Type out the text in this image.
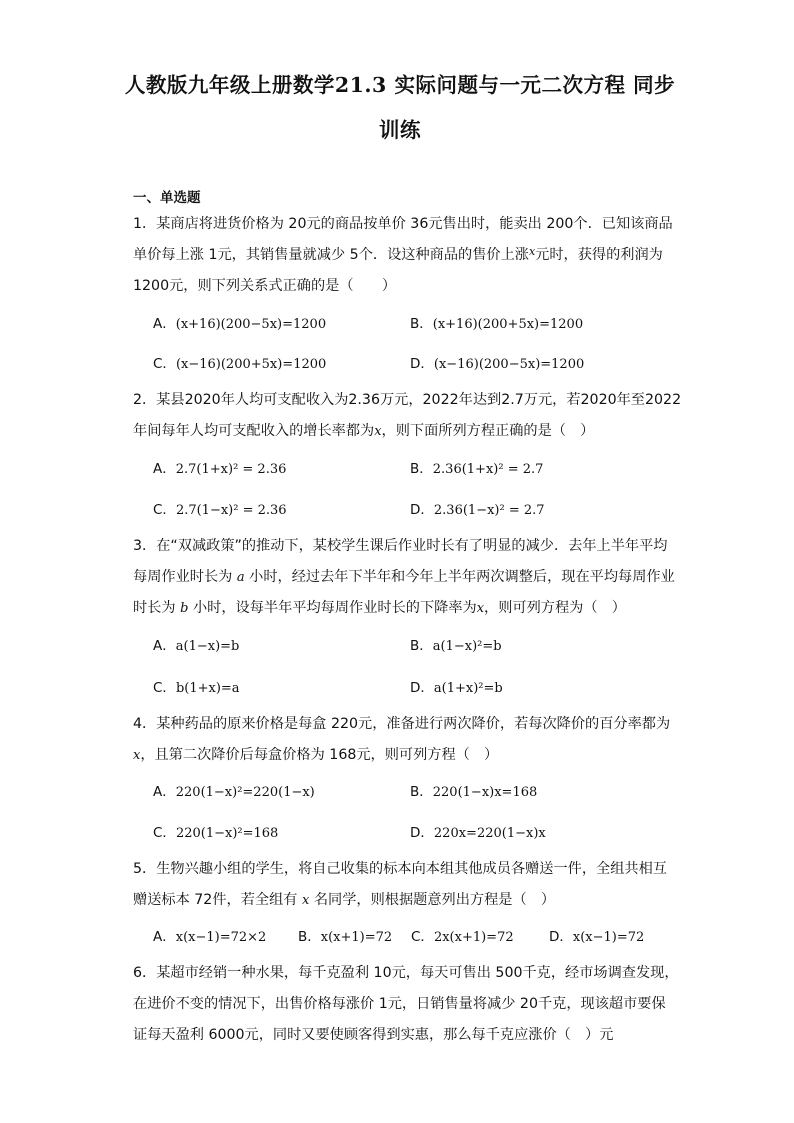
人教版九年级上册数学21.3 实际问题与一元二次方程 同步
训练
一、单选题
1．某商店将进货价格为 20元的商品按单价 36元售出时，能卖出 200个．已知该商品
单价每上涨 1元，其销售量就减少 5个．设这种商品的售价上涨$^x$元时，获得的利润为
1200元，则下列关系式正确的是（　　）
A．(x+16)(200−5x)=1200	B．(x+16)(200+5x)=1200
C．(x−16)(200+5x)=1200	D．(x−16)(200−5x)=1200
2．某县2020年人均可支配收入为2.36万元，2022年达到2.7万元，若2020年至2022
年间每年人均可支配收入的增长率都为x，则下面所列方程正确的是（　）
A．2.7(1+x)² = 2.36	B．2.36(1+x)² = 2.7
C．2.7(1−x)² = 2.36	D．2.36(1−x)² = 2.7
3．在“双减政策”的推动下，某校学生课后作业时长有了明显的减少．去年上半年平均
每周作业时长为 a 小时，经过去年下半年和今年上半年两次调整后，现在平均每周作业
时长为 b 小时，设每半年平均每周作业时长的下降率为x，则可列方程为（　）
A．a(1−x)=b	B．a(1−x)²=b
C．b(1+x)=a	D．a(1+x)²=b
4．某种药品的原来价格是每盒 220元，准备进行两次降价，若每次降价的百分率都为
x，且第二次降价后每盒价格为 168元，则可列方程（　）
A．220(1−x)²=220(1−x)	B．220(1−x)x=168
C．220(1−x)²=168	D．220x=220(1−x)x
5．生物兴趣小组的学生，将自己收集的标本向本组其他成员各赠送一件，全组共相互
赠送标本 72件，若全组有 x 名同学，则根据题意列出方程是（　）
A．x(x−1)=72×2 B．x(x+1)=72 C．2x(x+1)=72	D．x(x−1)=72
6．某超市经销一种水果，每千克盈利 10元，每天可售出 500千克，经市场调查发现，
在进价不变的情况下，出售价格每涨价 1元，日销售量将减少 20千克，现该超市要保
证每天盈利 6000元，同时又要使顾客得到实惠，那么每千克应涨价（　）元
